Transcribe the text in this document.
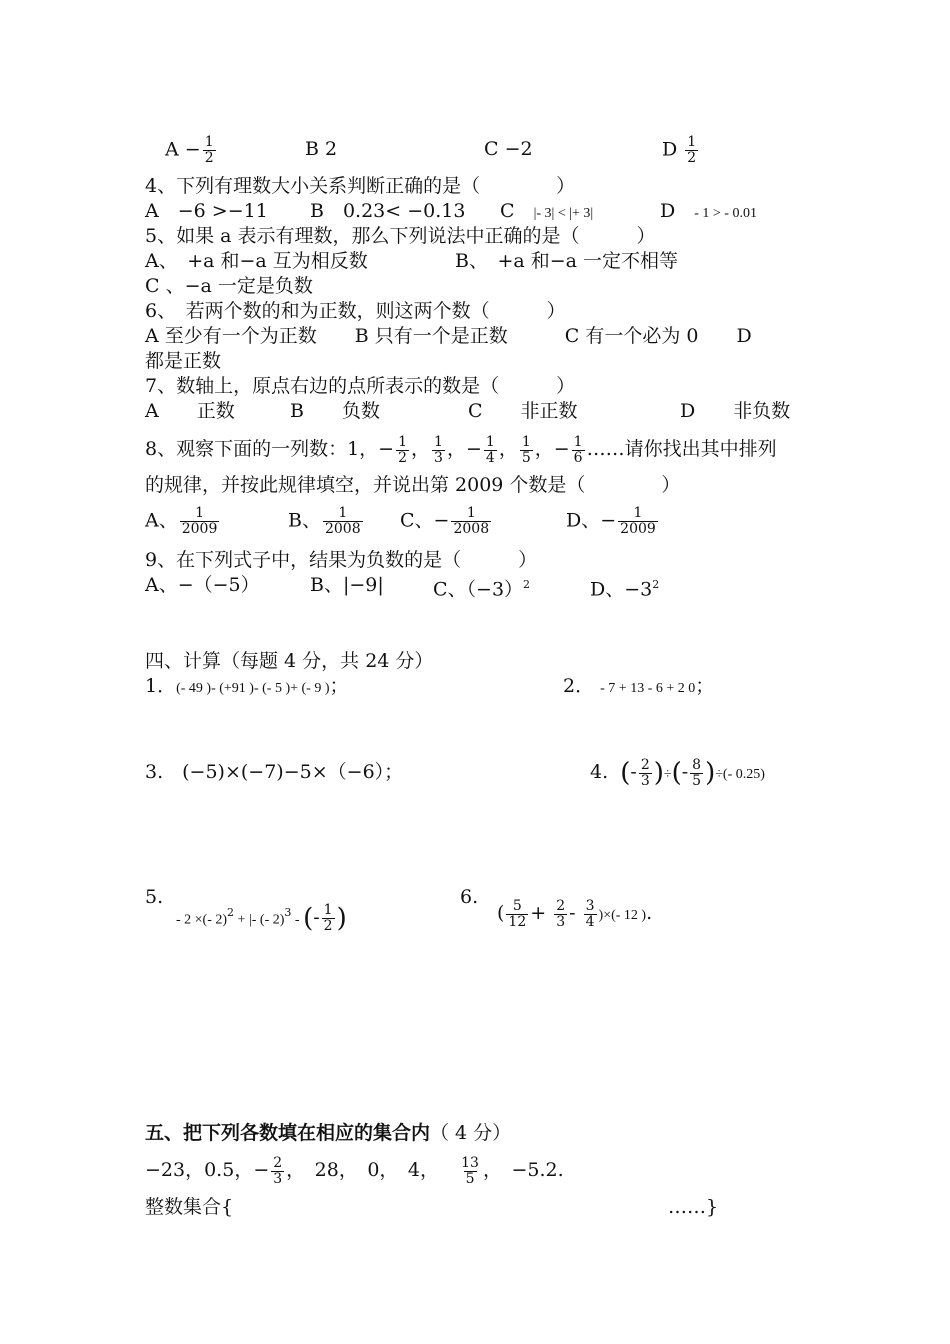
$A - \frac{1}{2}$	B 2	C −2	D $\frac{1}{2}$
4、下列有理数大小关系判断正确的是（　　　　）
A　−6 >−11 B　0.23< −0.13 C　 |- 3| < |+ 3|	D　 - 1 > - 0.01
5、如果 a 表示有理数，那么下列说法中正确的是（　　　）
A、　+a 和−a 互为相反数	B、　+a 和−a 一定不相等
C 、−a 一定是负数
6、　若两个数的和为正数，则这两个数（　　　）
A 至少有一个为正数　　B 只有一个是正数　　　C 有一个必为 0　　D
都是正数
7、数轴上，原点右边的点所表示的数是（　　　）
A　　正数	B　　负数	C　　非正数	D　　非负数
8、观察下面的一列数：1，− $\frac{1}{2}$ ， $\frac{1}{3}$ ，− $\frac{1}{4}$ ， $\frac{1}{5}$ ，− $\frac{1}{6}$ ……请你找出其中排列
的规律，并按此规律填空，并说出第 2009 个数是（　　　　）
A、 $\frac{1}{2009}$	B、 $\frac{1}{2008}$ C、− $\frac{1}{2008}$	D、− $\frac{1}{2009}$
9、在下列式子中，结果为负数的是（　　　）
A、−（−5）	B、|−9|	C、$(-3)^2$	D、$-3^2$
四、计算（每题 4 分，共 24 分）
1．(- 49 )- (+91 )- (- 5 )+ (- 9 )；	2． - 7 + 13 - 6 + 2 0；
3.　(−5)×(−7)−5×（−6）；	4. (- $\frac{2}{3}$ )÷(- $\frac{8}{5}$ )÷(- 0.25)
5.
- 2 ×(- 2)$^2$ + |- (- 2)$^3$ - (- $\frac{1}{2}$ )
6.
( $\frac{5}{12} + \frac{2}{3} - \frac{3}{4}$ )×(- 12 ).
五、把下列各数填在相应的集合内（ 4 分）
−23，0.5，− $\frac{2}{3}$ ，　28，　0，　4， $\frac{13}{5}$ ，　−5.2.
整数集合{	……}
